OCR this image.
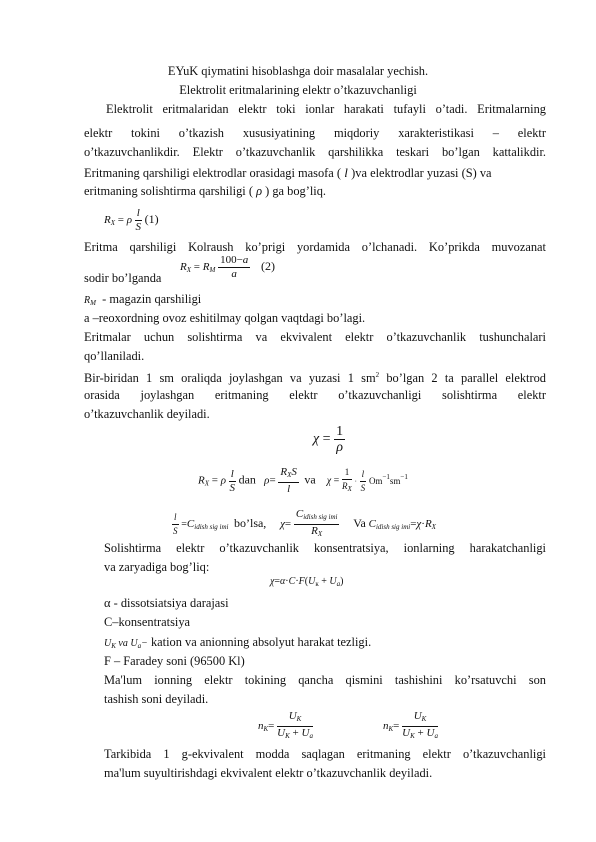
EYuK qiymatini hisoblashga doir masalalar yechish.
Elektrolit eritmalarining elektr o’tkazuvchanligi
Elektrolit eritmalaridan elektr toki ionlar harakati tufayli o’tadi. Eritmalarning
elektr tokini o’tkazish xususiyatining miqdoriy xarakteristikasi – elektr
o’tkazuvchanlikdir. Elektr o’tkazuvchanlik qarshilikka teskari bo’lgan kattalikdir.
Eritmaning qarshiligi elektrodlar orasidagi masofa ( l )va elektrodlar yuzasi (S) va
eritmaning solishtirma qarshiligi ( ρ ) ga bog’liq.
$R_X = \rho \frac{l}{S} (1)$
Eritma qarshiligi Kolraush ko’prigi yordamida o’lchanadi. Ko’prikda muvozanat
sodir bo’lganda
$R_X = R_M \frac{100-a}{a} (2)$
$R_M$ - magazin qarshiligi
a –reoxordning ovoz eshitilmay qolgan vaqtdagi bo’lagi.
Eritmalar uchun solishtirma va ekvivalent elektr o’tkazuvchanlik tushunchalari
qo’llaniladi.
Bir-biridan 1 sm oraliqda joylashgan va yuzasi 1 $sm^2$ bo’lgan 2 ta parallel elektrod
orasida joylashgan eritmaning elektr o’tkazuvchanligi solishtirma elektr
o’tkazuvchanlik deyiladi.
$\chi = \frac{1}{\rho}$
$R_X = \rho \frac{l}{S}$ dan   $\rho= \frac{R_XS}{l}$ va $\chi = \frac{1}{R_X} \cdot \frac{l}{S} Om^{-1}sm^{-1}$
$\frac{l}{S} =C_{idish sig imi}$ bo’lsa,     $\chi= \frac{C_{idish sig imi}}{R_X}$ Va $C_{idish sig imi}=\chi\cdot R_X$
Solishtirma elektr o’tkazuvchanlik konsentratsiya, ionlarning harakatchanligi
va zaryadiga bog’liq:
$\chi=\alpha\cdot C\cdot F(U_к + U_a)$
α - dissotsiatsiya darajasi
C–konsentratsiya
$U_K$ va $U_a-$ kation va anionning absolyut harakat tezligi.
F – Faradey soni (96500 Kl)
Ma'lum ionning elektr tokining qancha qismini tashishini ko’rsatuvchi son
tashish soni deyiladi.
$n_K= \frac{U_K}{U_K + U_a}$	$n_K= \frac{U_K}{U_K + U_a}$
Tarkibida 1 g-ekvivalent modda saqlagan eritmaning elektr o’tkazuvchanligi
ma'lum suyultirishdagi ekvivalent elektr o’tkazuvchanlik deyiladi.
